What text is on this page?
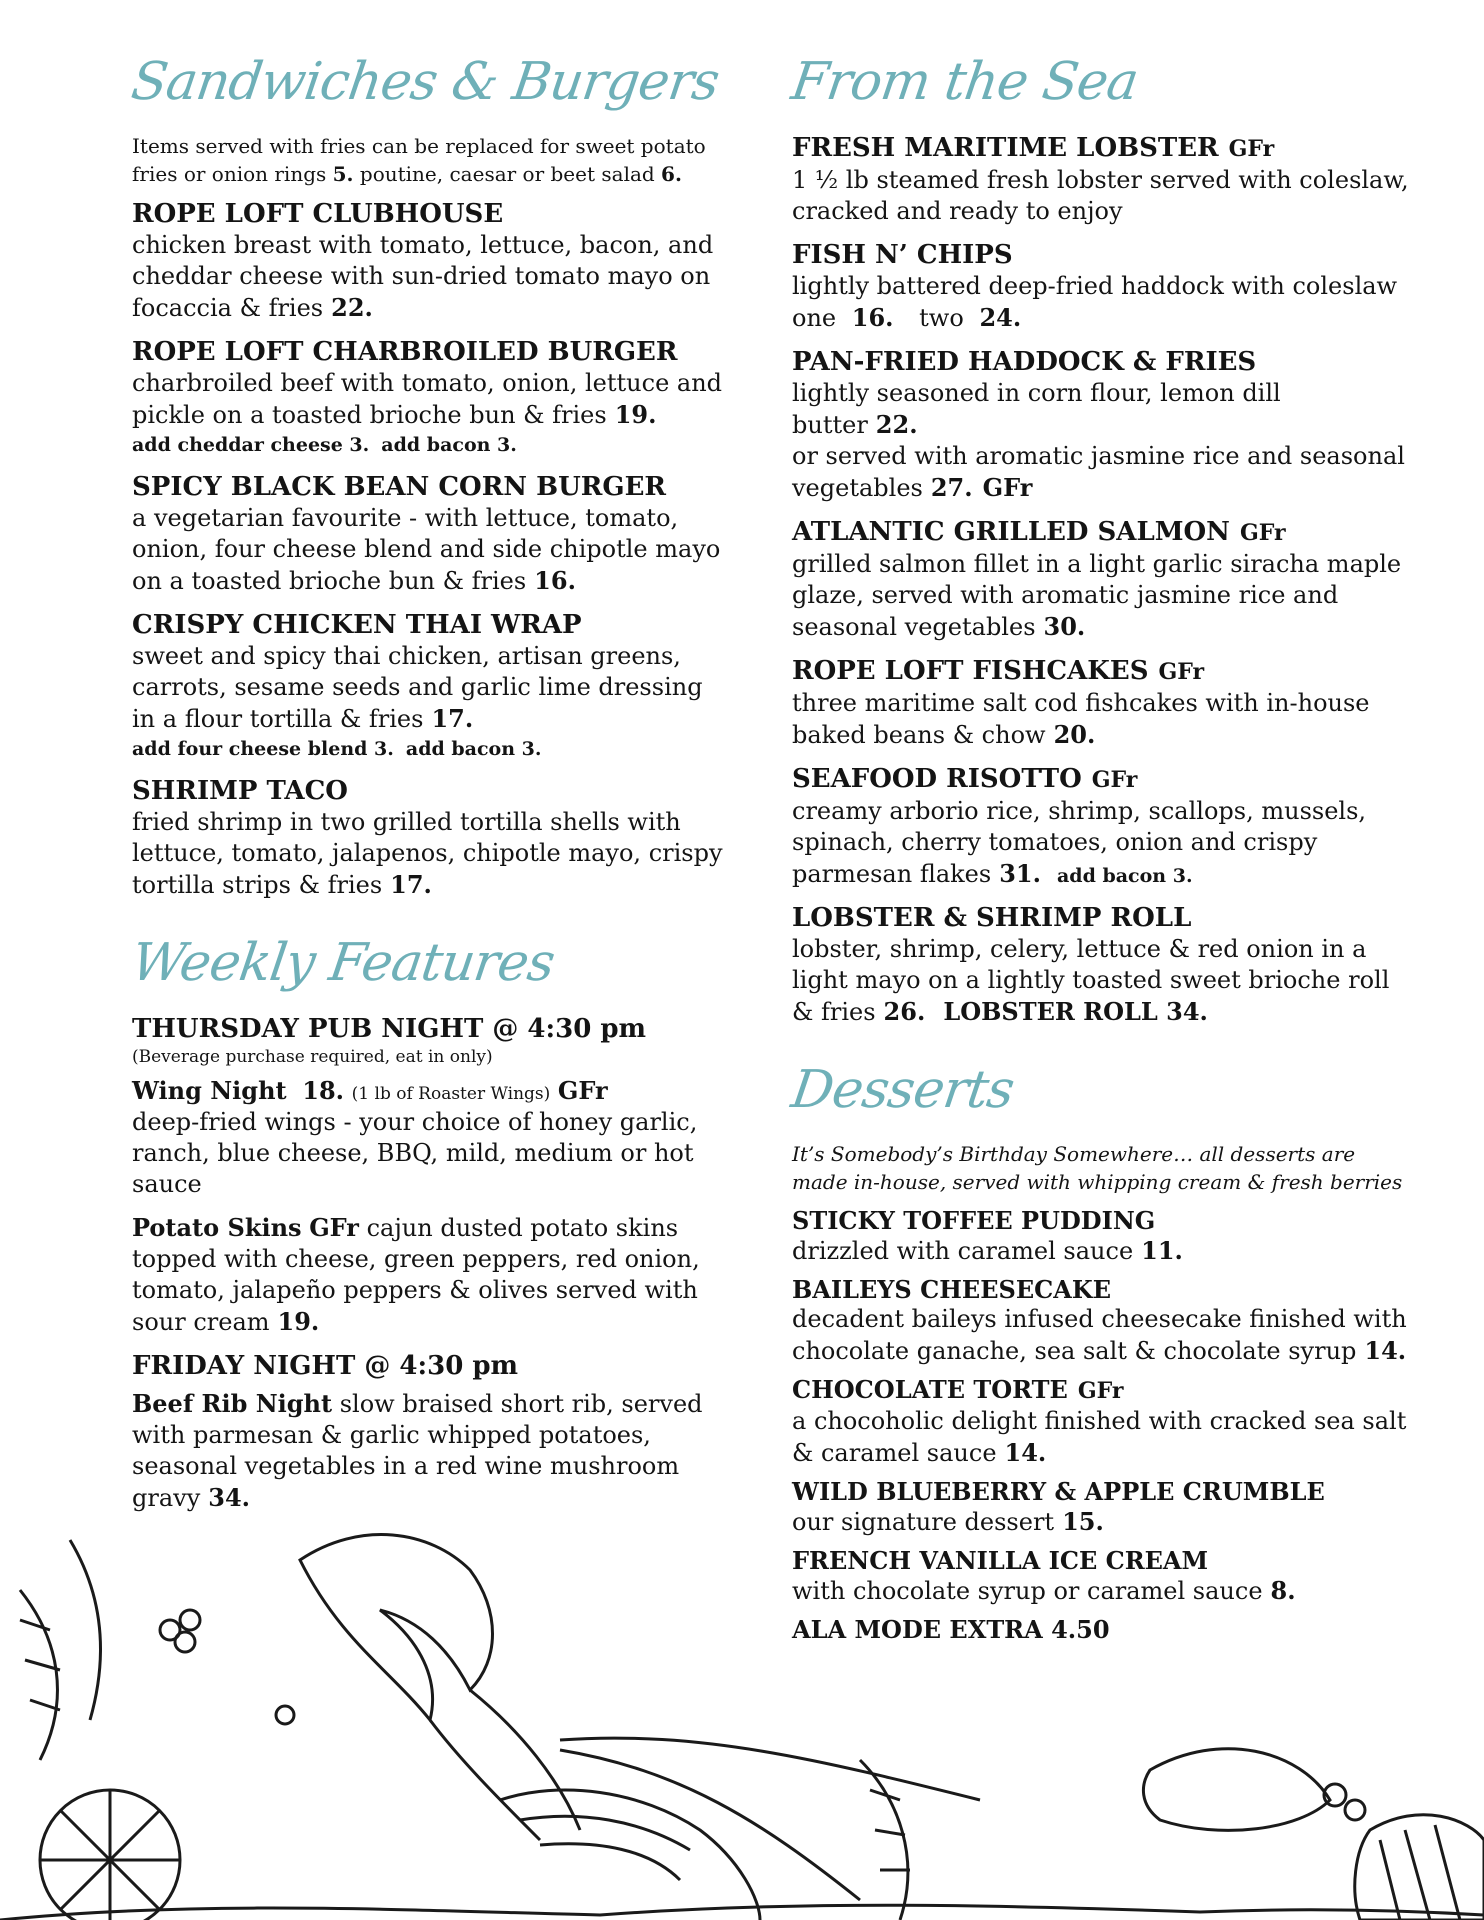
Sandwiches & Burgers
Items served with fries can be replaced for sweet potato
fries or onion rings 5. poutine, caesar or beet salad 6.
ROPE LOFT CLUBHOUSE
chicken breast with tomato, lettuce, bacon, and cheddar cheese with sun-dried tomato mayo on focaccia & fries 22.
ROPE LOFT CHARBROILED BURGER
charbroiled beef with tomato, onion, lettuce and pickle on a toasted brioche bun & fries 19.
add cheddar cheese 3. add bacon 3.
SPICY BLACK BEAN CORN BURGER
a vegetarian favourite - with lettuce, tomato, onion, four cheese blend and side chipotle mayo on a toasted brioche bun & fries 16.
CRISPY CHICKEN THAI WRAP
sweet and spicy thai chicken, artisan greens, carrots, sesame seeds and garlic lime dressing in a flour tortilla & fries 17.
add four cheese blend 3. add bacon 3.
SHRIMP TACO
fried shrimp in two grilled tortilla shells with lettuce, tomato, jalapenos, chipotle mayo, crispy tortilla strips & fries 17.
Weekly Features
THURSDAY PUB NIGHT @ 4:30 pm
(Beverage purchase required, eat in only)
Wing Night 18. (1 lb of Roaster Wings) GFr
deep-fried wings - your choice of honey garlic, ranch, blue cheese, BBQ, mild, medium or hot sauce
Potato Skins GFr cajun dusted potato skins topped with cheese, green peppers, red onion, tomato, jalapeño peppers & olives served with sour cream 19.
FRIDAY NIGHT @ 4:30 pm
Beef Rib Night slow braised short rib, served with parmesan & garlic whipped potatoes, seasonal vegetables in a red wine mushroom gravy 34.
From the Sea
FRESH MARITIME LOBSTER GFr
1 ½ lb steamed fresh lobster served with coleslaw, cracked and ready to enjoy
FISH N’ CHIPS
lightly battered deep-fried haddock with coleslaw
one 16. two 24.
PAN-FRIED HADDOCK & FRIES
lightly seasoned in corn flour, lemon dill butter 22.
or served with aromatic jasmine rice and seasonal vegetables 27. GFr
ATLANTIC GRILLED SALMON GFr
grilled salmon fillet in a light garlic siracha maple glaze, served with aromatic jasmine rice and seasonal vegetables 30.
ROPE LOFT FISHCAKES GFr
three maritime salt cod fishcakes with in-house baked beans & chow 20.
SEAFOOD RISOTTO GFr
creamy arborio rice, shrimp, scallops, mussels, spinach, cherry tomatoes, onion and crispy parmesan flakes 31. add bacon 3.
LOBSTER & SHRIMP ROLL
lobster, shrimp, celery, lettuce & red onion in a light mayo on a lightly toasted sweet brioche roll & fries 26. LOBSTER ROLL 34.
Desserts
It’s Somebody’s Birthday Somewhere… all desserts are made in-house, served with whipping cream & fresh berries
STICKY TOFFEE PUDDING
drizzled with caramel sauce 11.
BAILEYS CHEESECAKE
decadent baileys infused cheesecake finished with chocolate ganache, sea salt & chocolate syrup 14.
CHOCOLATE TORTE GFr
a chocoholic delight finished with cracked sea salt & caramel sauce 14.
WILD BLUEBERRY & APPLE CRUMBLE
our signature dessert 15.
FRENCH VANILLA ICE CREAM
with chocolate syrup or caramel sauce 8.
ALA MODE EXTRA 4.50
